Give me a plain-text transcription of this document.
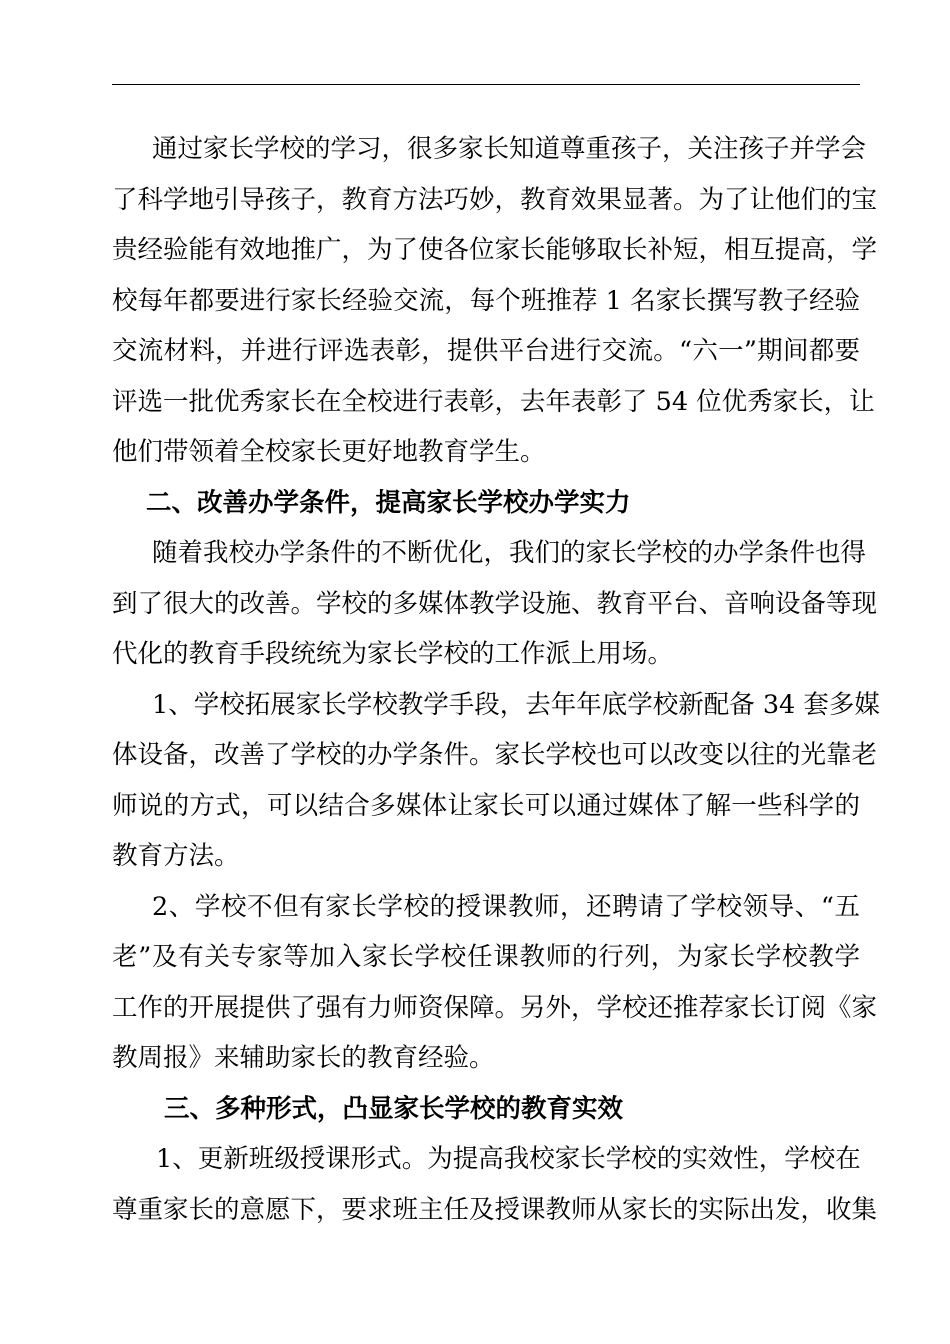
通过家长学校的学习，很多家长知道尊重孩子，关注孩子并学会
了科学地引导孩子，教育方法巧妙，教育效果显著。为了让他们的宝
贵经验能有效地推广，为了使各位家长能够取长补短，相互提高，学
校每年都要进行家长经验交流，每个班推荐 1 名家长撰写教子经验
交流材料，并进行评选表彰，提供平台进行交流。“六一”期间都要
评选一批优秀家长在全校进行表彰，去年表彰了 54 位优秀家长，让
他们带领着全校家长更好地教育学生。
二、改善办学条件，提高家长学校办学实力
随着我校办学条件的不断优化，我们的家长学校的办学条件也得
到了很大的改善。学校的多媒体教学设施、教育平台、音响设备等现
代化的教育手段统统为家长学校的工作派上用场。
1、学校拓展家长学校教学手段，去年年底学校新配备 34 套多媒
体设备，改善了学校的办学条件。家长学校也可以改变以往的光靠老
师说的方式，可以结合多媒体让家长可以通过媒体了解一些科学的
教育方法。
2、学校不但有家长学校的授课教师，还聘请了学校领导、“五
老”及有关专家等加入家长学校任课教师的行列，为家长学校教学
工作的开展提供了强有力师资保障。另外，学校还推荐家长订阅《家
教周报》来辅助家长的教育经验。
三、多种形式，凸显家长学校的教育实效
1、更新班级授课形式。为提高我校家长学校的实效性，学校在
尊重家长的意愿下，要求班主任及授课教师从家长的实际出发，收集
